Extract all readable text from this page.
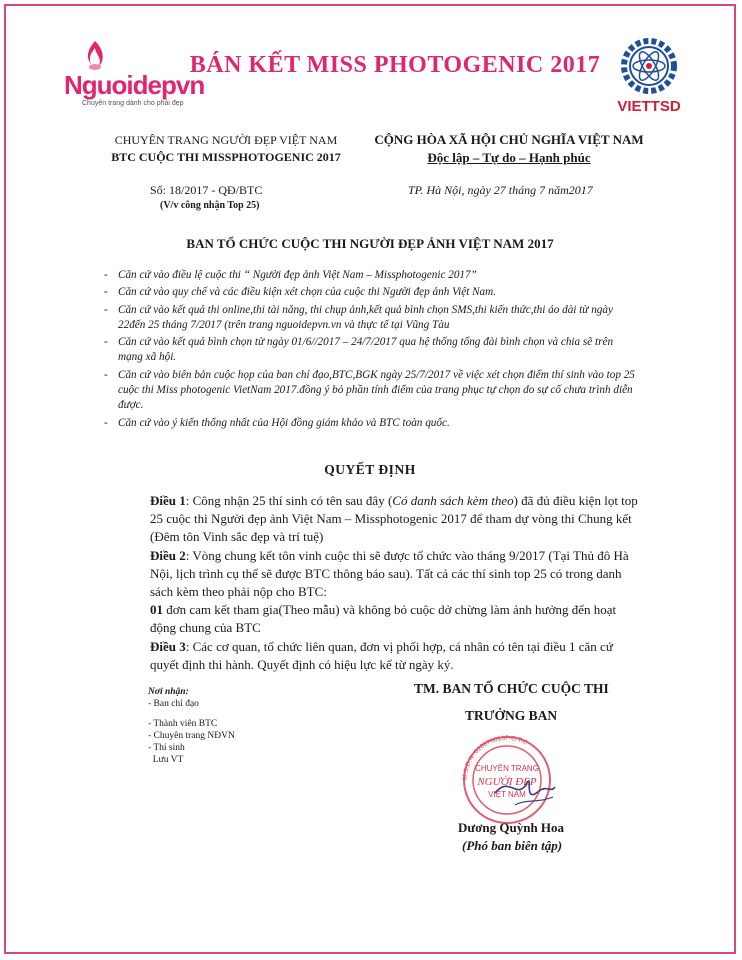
Nguoidepvn
Chuyên trang dành cho phái đẹp
BÁN KẾT MISS PHOTOGENIC 2017
VIETTSD
CHUYÊN TRANG NGƯỜI ĐẸP VIỆT NAM
BTC CUỘC THI MISSPHOTOGENIC 2017
CỘNG HÒA XÃ HỘI CHỦ NGHĨA VIỆT NAM
Độc lập – Tự do – Hạnh phúc
Số: 18/2017 - QĐ/BTC
(V/v công nhận Top 25)
TP. Hà Nội, ngày 27 tháng 7 năm2017
BAN TỔ CHỨC CUỘC THI NGƯỜI ĐẸP ẢNH VIỆT NAM 2017
- Căn cứ vào điều lệ cuộc thi “ Người đẹp ảnh Việt Nam – Missphotogenic 2017”
- Căn cứ vào quy chế và các điều kiện xét chọn của cuộc thi Người đẹp ảnh Việt Nam.
- Căn cứ vào kết quả thi online,thi tài năng, thi chụp ảnh,kết quả bình chọn SMS,thi kiến thức,thi áo dài từ ngày 22đến 25 tháng 7/2017 (trên trang nguoidepvn.vn và thực tế tại Vũng Tàu
- Căn cứ vào kết quả bình chọn từ ngày 01/6//2017 – 24/7/2017 qua hệ thống tổng đài bình chọn và chia sẽ trên mạng xã hội.
- Căn cứ vào biên bản cuộc họp của ban chỉ đạo,BTC,BGK ngày 25/7/2017 về việc xét chọn điểm thí sinh vào top 25 cuộc thi Miss photogenic VietNam 2017.đồng ý bỏ phần tính điểm của trang phục tự chọn do sự cố chưa trình diễn được.
- Căn cứ vào ý kiến thống nhất của Hội đồng giám khảo và BTC toàn quốc.
QUYẾT ĐỊNH

Điều 1: Công nhận 25 thí sinh có tên sau đây (Có danh sách kèm theo) đã đủ điều kiện lọt top 25 cuộc thi Người đẹp ảnh Việt Nam – Missphotogenic 2017 để tham dự vòng thi Chung kết (Đêm tôn Vinh sắc đẹp và trí tuệ)

Điều 2: Vòng chung kết tôn vinh cuộc thi sẽ được tổ chức vào tháng 9/2017 (Tại Thủ đô Hà Nội, lịch trình cụ thể sẽ được BTC thông báo sau). Tất cả các thí sinh top 25 có trong danh sách kèm theo phải nộp cho BTC:

01 đơn cam kết tham gia(Theo mẫu) và không bỏ cuộc dở chừng làm ảnh hưởng đến hoạt động chung của BTC

Điều 3: Các cơ quan, tổ chức liên quan, đơn vị phối hợp, cá nhân có tên tại điều 1 căn cứ quyết định thi hành. Quyết định có hiệu lực kể từ ngày ký.

Nơi nhận:
- Ban chỉ đạo
- Thành viên BTC
- Chuyên trang NĐVN
- Thí sinh
Lưu VT
TM. BAN TỔ CHỨC CUỘC THI
TRƯỞNG BAN
M.S.D.N: 0106700107-C.T.C
CHUYÊN TRANG
NGƯỜI ĐẸP
VIỆT NAM
Dương Quỳnh Hoa
(Phó ban biên tập)
